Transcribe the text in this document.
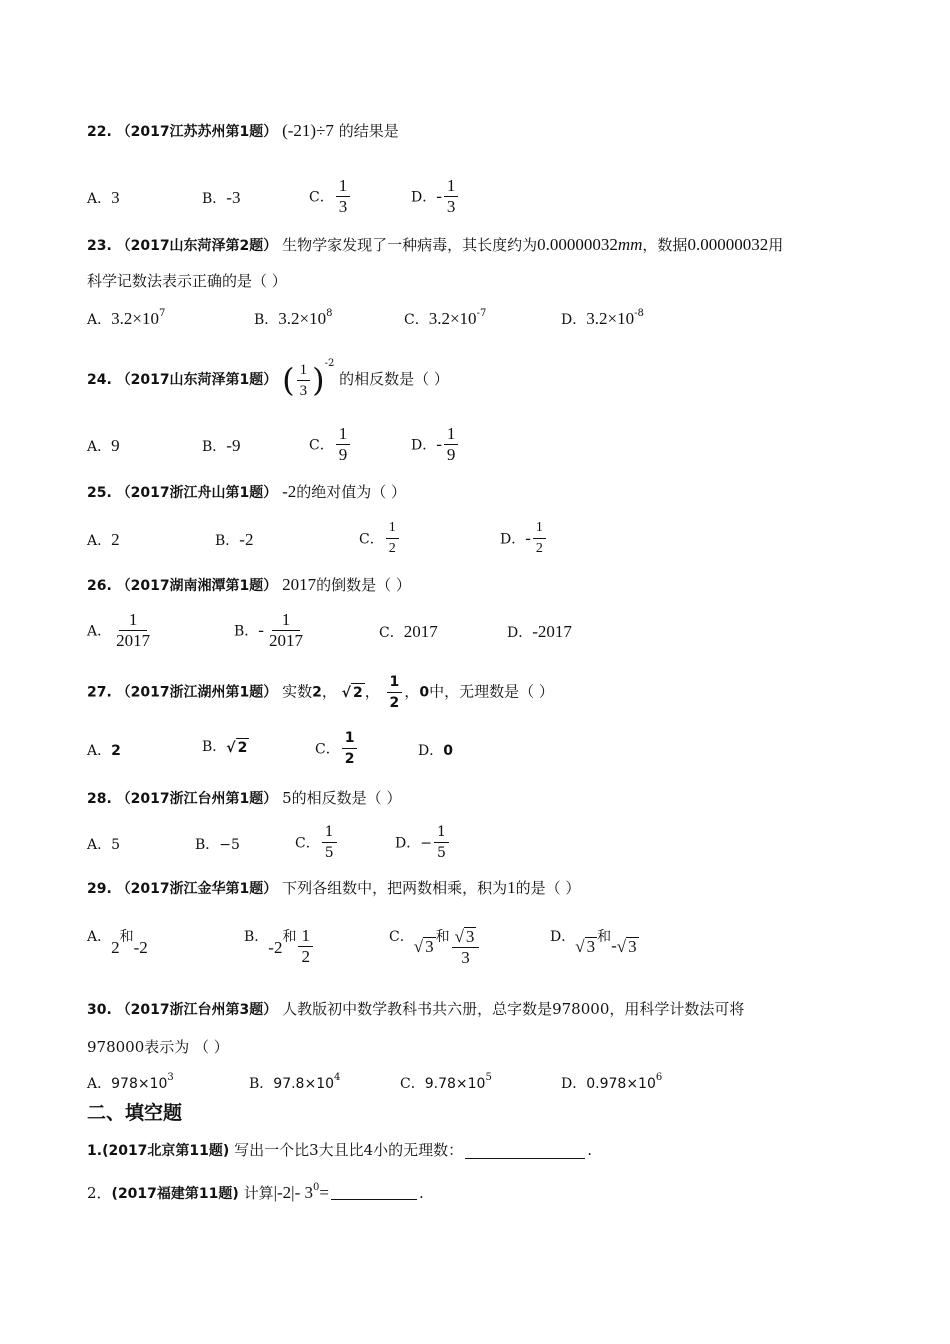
22. （2017江苏苏州第1题） (-21)÷7 的结果是
A．3	B．-3	C． $\frac{1}{3}$	D．- $\frac{1}{3}$
23. （2017山东菏泽第2题） 生物学家发现了一种病毒，其长度约为0.00000032mm，数据0.00000032用
科学记数法表示正确的是（ ）
A．$3.2\times 10^7$	B．$3.2\times 10^8$	C．$3.2\times 10^{-7}$	D．$3.2\times 10^{-8}$
24. （2017山东菏泽第1题） ( $\frac{1}{3} )^{-2}$ 的相反数是（ ）
A．9	B．-9	C． $\frac{1}{9}$	D．- $\frac{1}{9}$
25. （2017浙江舟山第1题） -2的绝对值为（ ）
A．2	B．-2	C． $\frac{1}{2}$	D．- $\frac{1}{2}$
26. （2017湖南湘潭第1题） 2017的倒数是（ ）
A． $\frac{1}{2017}$	B．- $\frac{1}{2017}$	C．2017	D．-2017
27. （2017浙江湖州第1题） 实数2， √ 2 ， $\frac{1}{2}$ ，0中，无理数是（ ）
A．2	B．√ 2	C． $\frac{1}{2}$	D．0
28. （2017浙江台州第1题） 5的相反数是（ ）
A．5	B．−5	C． $\frac{1}{5}$	D．− $\frac{1}{5}$
29. （2017浙江金华第1题） 下列各组数中，把两数相乘，积为1的是（ ）
A．2和-2
B．-2和 $\frac{1}{2}$	C．√ 3 和 $\frac{√ 3}{3}$	D．√ 3 和-√ 3
30. （2017浙江台州第3题） 人教版初中数学教科书共六册，总字数是978000，用科学计数法可将
978000表示为 （ ）
A．$978\times 10^3$	B．$97.8\times 10^4$	C．$9.78\times 10^5$	D．$0.978\times 10^6$
二、填空题
1.(2017北京第11题) 写出一个比3大且比4小的无理数：	.
2．(2017福建第11题) 计算|-2|- $3^0=$	.
